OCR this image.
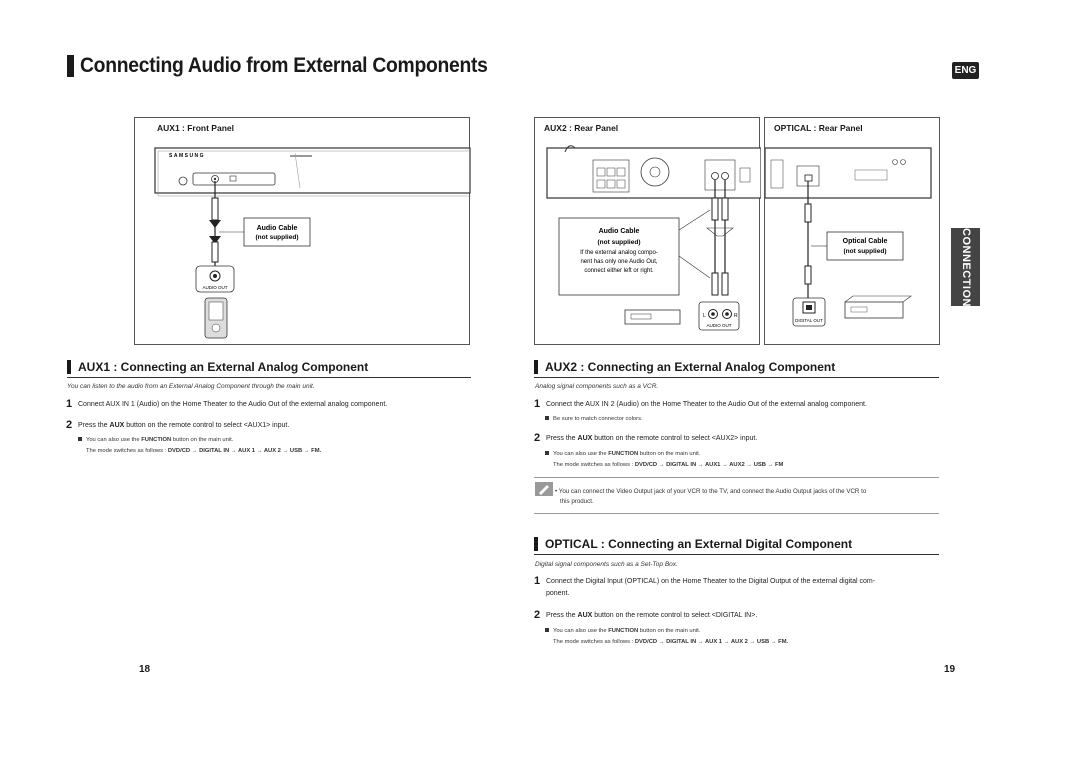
Connecting Audio from External Components	ENG
CONNECTIONS
AUX1 : Front Panel
SAMSUNG
Audio Cable
(not supplied)
AUDIO OUT
AUX2 : Rear Panel
Audio Cable
(not supplied)
If the external analog compo-
nent has only one Audio Out,
connect either left or right.
L	R
AUDIO OUT
OPTICAL : Rear Panel
Optical Cable
(not supplied)
DIGITAL OUT
AUX1 : Connecting an External Analog Component
You can listen to the audio from an External Analog Component through the main unit.
1 Connect AUX IN 1 (Audio) on the Home Theater to the Audio Out of the external analog component.
2 Press the AUX button on the remote control to select <AUX1> input.
You can also use the FUNCTION button on the main unit.
The mode switches as follows : DVD/CD → DIGITAL IN → AUX 1 → AUX 2 → USB → FM.
AUX2 : Connecting an External Analog Component
Analog signal components such as a VCR.
1 Connect the AUX IN 2 (Audio) on the Home Theater to the Audio Out of the external analog component.
Be sure to match connector colors.
2 Press the AUX button on the remote control to select <AUX2> input.
You can also use the FUNCTION button on the main unit.
The mode switches as follows : DVD/CD → DIGITAL IN → AUX1 → AUX2 → USB → FM
• You can connect the Video Output jack of your VCR to the TV, and connect the Audio Output jacks of the VCR to
this product.
OPTICAL : Connecting an External Digital Component
Digital signal components such as a Set-Top Box.
1 Connect the Digital Input (OPTICAL) on the Home Theater to the Digital Output of the external digital com-
ponent.
2 Press the AUX button on the remote control to select <DIGITAL IN>.
You can also use the FUNCTION button on the main unit.
The mode switches as follows : DVD/CD → DIGITAL IN → AUX 1 → AUX 2 → USB → FM.
18	19
